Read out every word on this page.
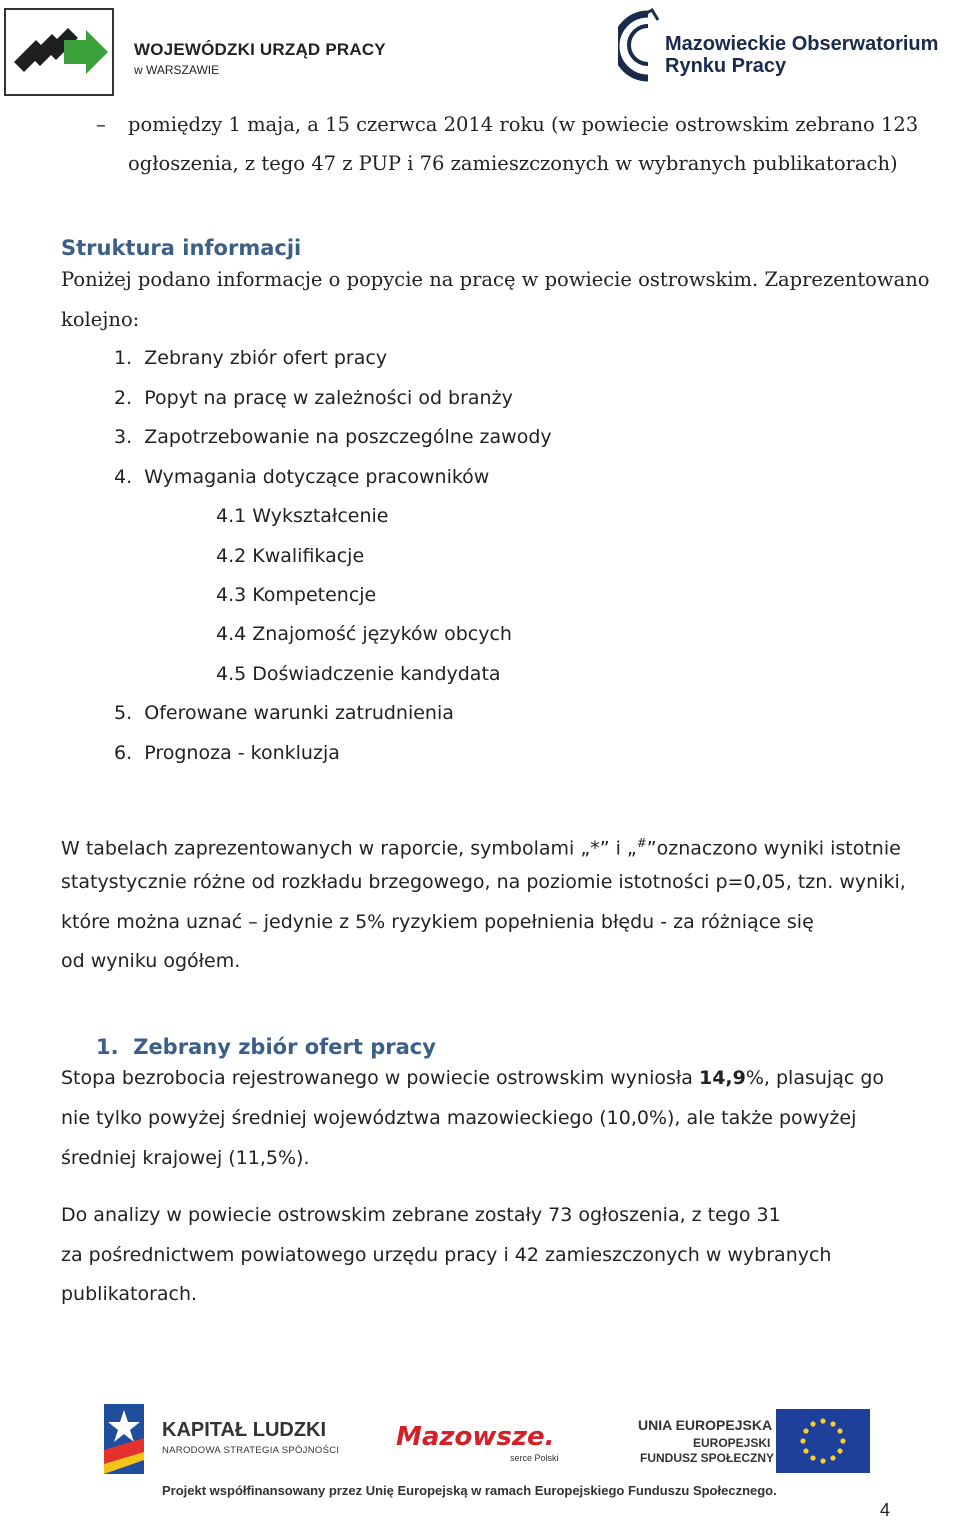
WOJEWÓDZKI URZĄD PRACY
w WARSZAWIE
Mazowieckie Obserwatorium
Rynku Pracy
– pomiędzy 1 maja, a 15 czerwca 2014 roku (w powiecie ostrowskim zebrano 123
ogłoszenia, z tego 47 z PUP i 76 zamieszczonych w wybranych publikatorach)
Struktura informacji
Poniżej podano informacje o popycie na pracę w powiecie ostrowskim. Zaprezentowano
kolejno:
1. Zebrany zbiór ofert pracy
2. Popyt na pracę w zależności od branży
3. Zapotrzebowanie na poszczególne zawody
4. Wymagania dotyczące pracowników
4.1 Wykształcenie
4.2 Kwalifikacje
4.3 Kompetencje
4.4 Znajomość języków obcych
4.5 Doświadczenie kandydata
5. Oferowane warunki zatrudnienia
6. Prognoza - konkluzja
W tabelach zaprezentowanych w raporcie, symbolami „*” i „#”oznaczono wyniki istotnie
statystycznie różne od rozkładu brzegowego, na poziomie istotności p=0,05, tzn. wyniki,
które można uznać – jedynie z 5% ryzykiem popełnienia błędu - za różniące się
od wyniku ogółem.
1.  Zebrany zbiór ofert pracy
Stopa bezrobocia rejestrowanego w powiecie ostrowskim wyniosła 14,9%, plasując go
nie tylko powyżej średniej województwa mazowieckiego (10,0%), ale także powyżej
średniej krajowej (11,5%).
Do analizy w powiecie ostrowskim zebrane zostały 73 ogłoszenia, z tego 31
za pośrednictwem powiatowego urzędu pracy i 42 zamieszczonych w wybranych
publikatorach.
KAPITAŁ LUDZKI
NARODOWA STRATEGIA SPÓJNOŚCI Mazowsze.
serce Polski
UNIA EUROPEJSKA
EUROPEJSKI
FUNDUSZ SPOŁECZNY
Projekt współfinansowany przez Unię Europejską w ramach Europejskiego Funduszu Społecznego.
4
